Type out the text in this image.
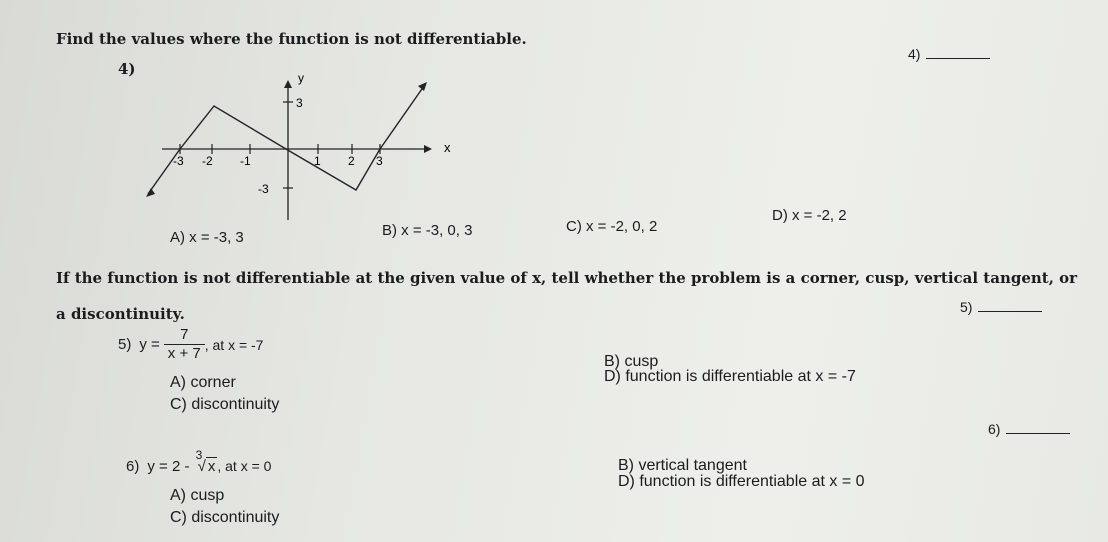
Find the values where the function is not differentiable.
4)
4)
y
x
3
-3
-3 -2 -1	1 2 3
A) x = -3, 3	B) x = -3, 0, 3	C) x = -2, 0, 2
D) x = -2, 2
If the function is not differentiable at the given value of x, tell whether the problem is a corner, cusp, vertical tangent, or
a discontinuity.	5)
5) $y = \frac{7}{x + 7}$ , at x = -7
A) corner
B) cusp
C) discontinuity
D) function is differentiable at x = -7
6)
6) y = 2 -
3
√ x , at x = 0
A) cusp
B) vertical tangent
C) discontinuity
D) function is differentiable at x = 0
